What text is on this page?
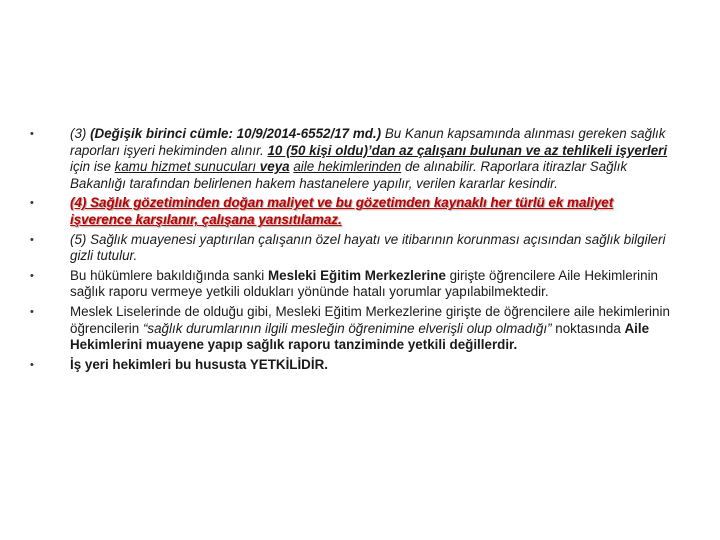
•	(3) (Değişik birinci cümle: 10/9/2014-6552/17 md.) Bu Kanun kapsamında alınması gereken sağlık raporları işyeri hekiminden alınır. 10 (50 kişi oldu)’dan az çalışanı bulunan ve az tehlikeli işyerleri için ise kamu hizmet sunucuları veya aile hekimlerinden de alınabilir. Raporlara itirazlar Sağlık Bakanlığı tarafından belirlenen hakem hastanelere yapılır, verilen kararlar kesindir.
•	(4) Sağlık gözetiminden doğan maliyet ve bu gözetimden kaynaklı her türlü ek maliyet işverence karşılanır, çalışana yansıtılamaz.
•	(5) Sağlık muayenesi yaptırılan çalışanın özel hayatı ve itibarının korunması açısından sağlık bilgileri gizli tutulur.
•	Bu hükümlere bakıldığında sanki Mesleki Eğitim Merkezlerine girişte öğrencilere Aile Hekimlerinin sağlık raporu vermeye yetkili oldukları yönünde hatalı yorumlar yapılabilmektedir.
•	Meslek Liselerinde de olduğu gibi, Mesleki Eğitim Merkezlerine girişte de öğrencilere aile hekimlerinin öğrencilerin “sağlık durumlarının ilgili mesleğin öğrenimine elverişli olup olmadığı” noktasında Aile Hekimlerini muayene yapıp sağlık raporu tanziminde yetkili değillerdir.
•	İş yeri hekimleri bu hususta YETKİLİDİR.
